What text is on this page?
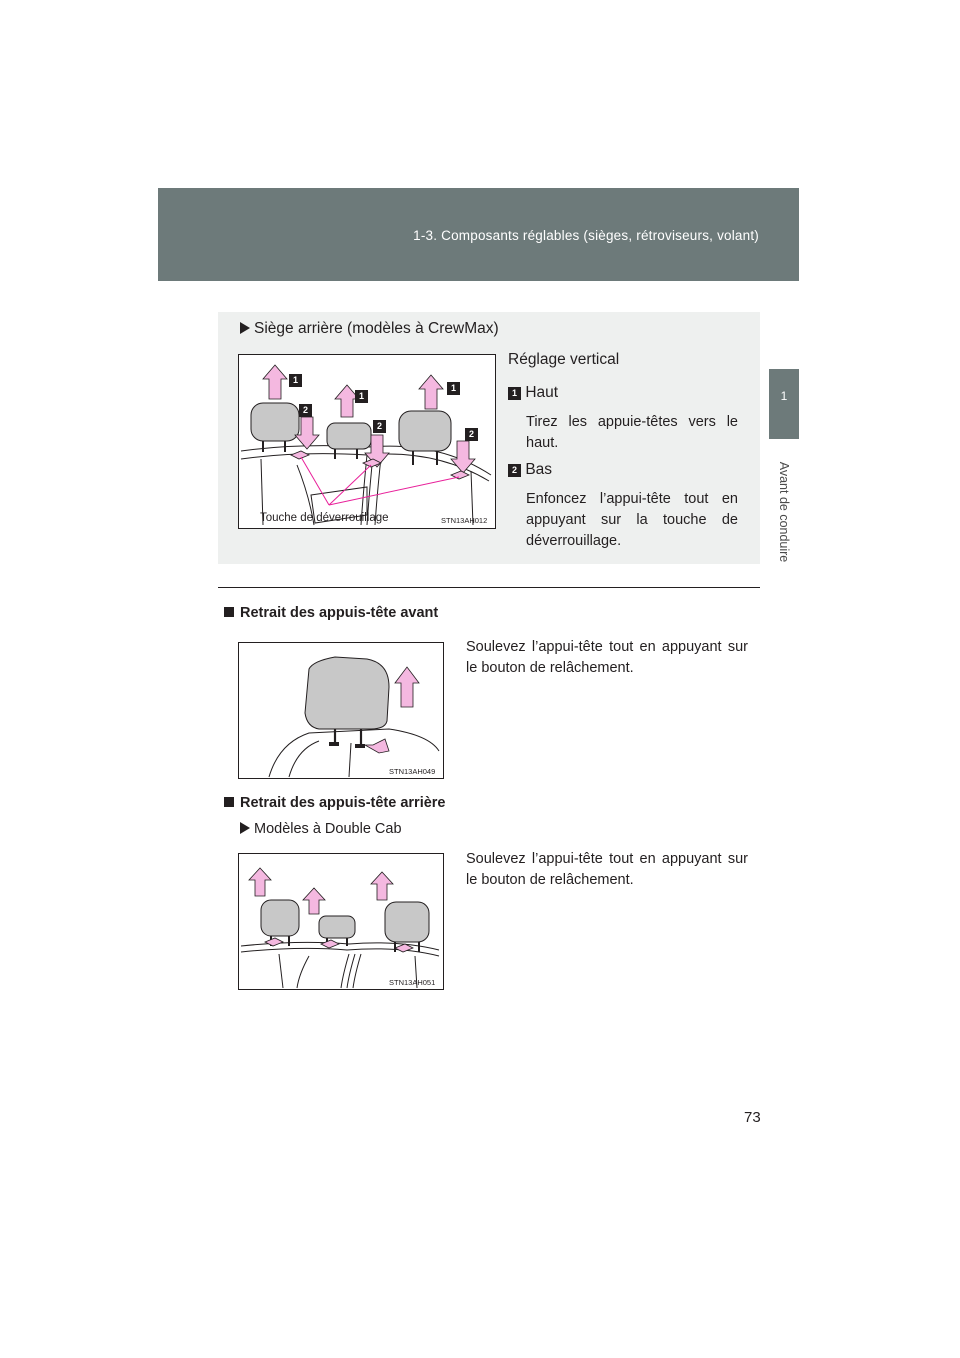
1-3. Composants réglables (sièges, rétroviseurs, volant)
1
Avant de conduire
Siège arrière (modèles à CrewMax)
1
1
1
2
2
2
Touche de déverrouillage	STN13AH012
Réglage vertical
1 Haut
Tirez les appuie-têtes vers le haut.
2 Bas
Enfoncez l’appui-tête tout en appuyant sur la touche de déverrouillage.
Retrait des appuis-tête avant
Soulevez l’appui-tête tout en appuyant sur le bouton de relâchement.
STN13AH049
Retrait des appuis-tête arrière
Modèles à Double Cab
Soulevez l’appui-tête tout en appuyant sur le bouton de relâchement.
STN13AH051
73
